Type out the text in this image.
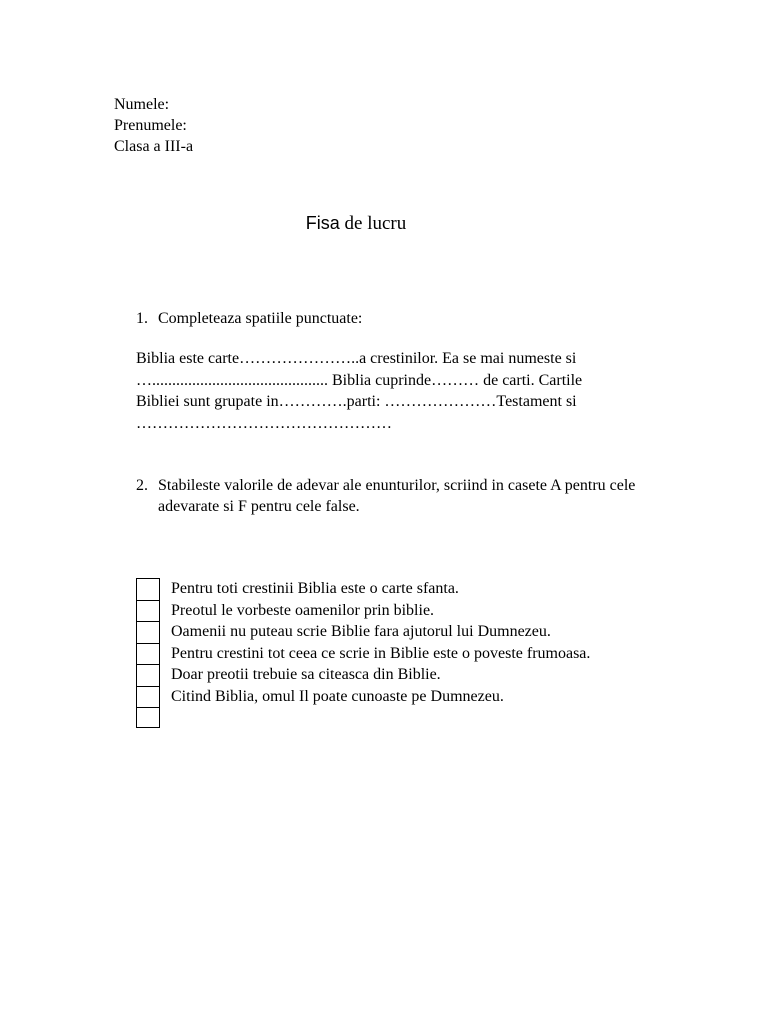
Numele:
Prenumele:
Clasa a III-a
Fisa de lucru
1. Completeaza spatiile punctuate:
Biblia este carte…………………..a crestinilor. Ea se mai numeste si
…............................................ Biblia cuprinde……… de carti. Cartile
Bibliei sunt grupate in………….parti: …………………Testament si
…………………………………………
2. Stabileste valorile de adevar ale enunturilor, scriind in casete A pentru cele adevarate si F pentru cele false.
Pentru toti crestinii Biblia este o carte sfanta.
Preotul le vorbeste oamenilor prin biblie.
Oamenii nu puteau scrie Biblie fara ajutorul lui Dumnezeu.
Pentru crestini tot ceea ce scrie in Biblie este o poveste frumoasa.
Doar preotii trebuie sa citeasca din Biblie.
Citind Biblia, omul Il poate cunoaste pe Dumnezeu.
